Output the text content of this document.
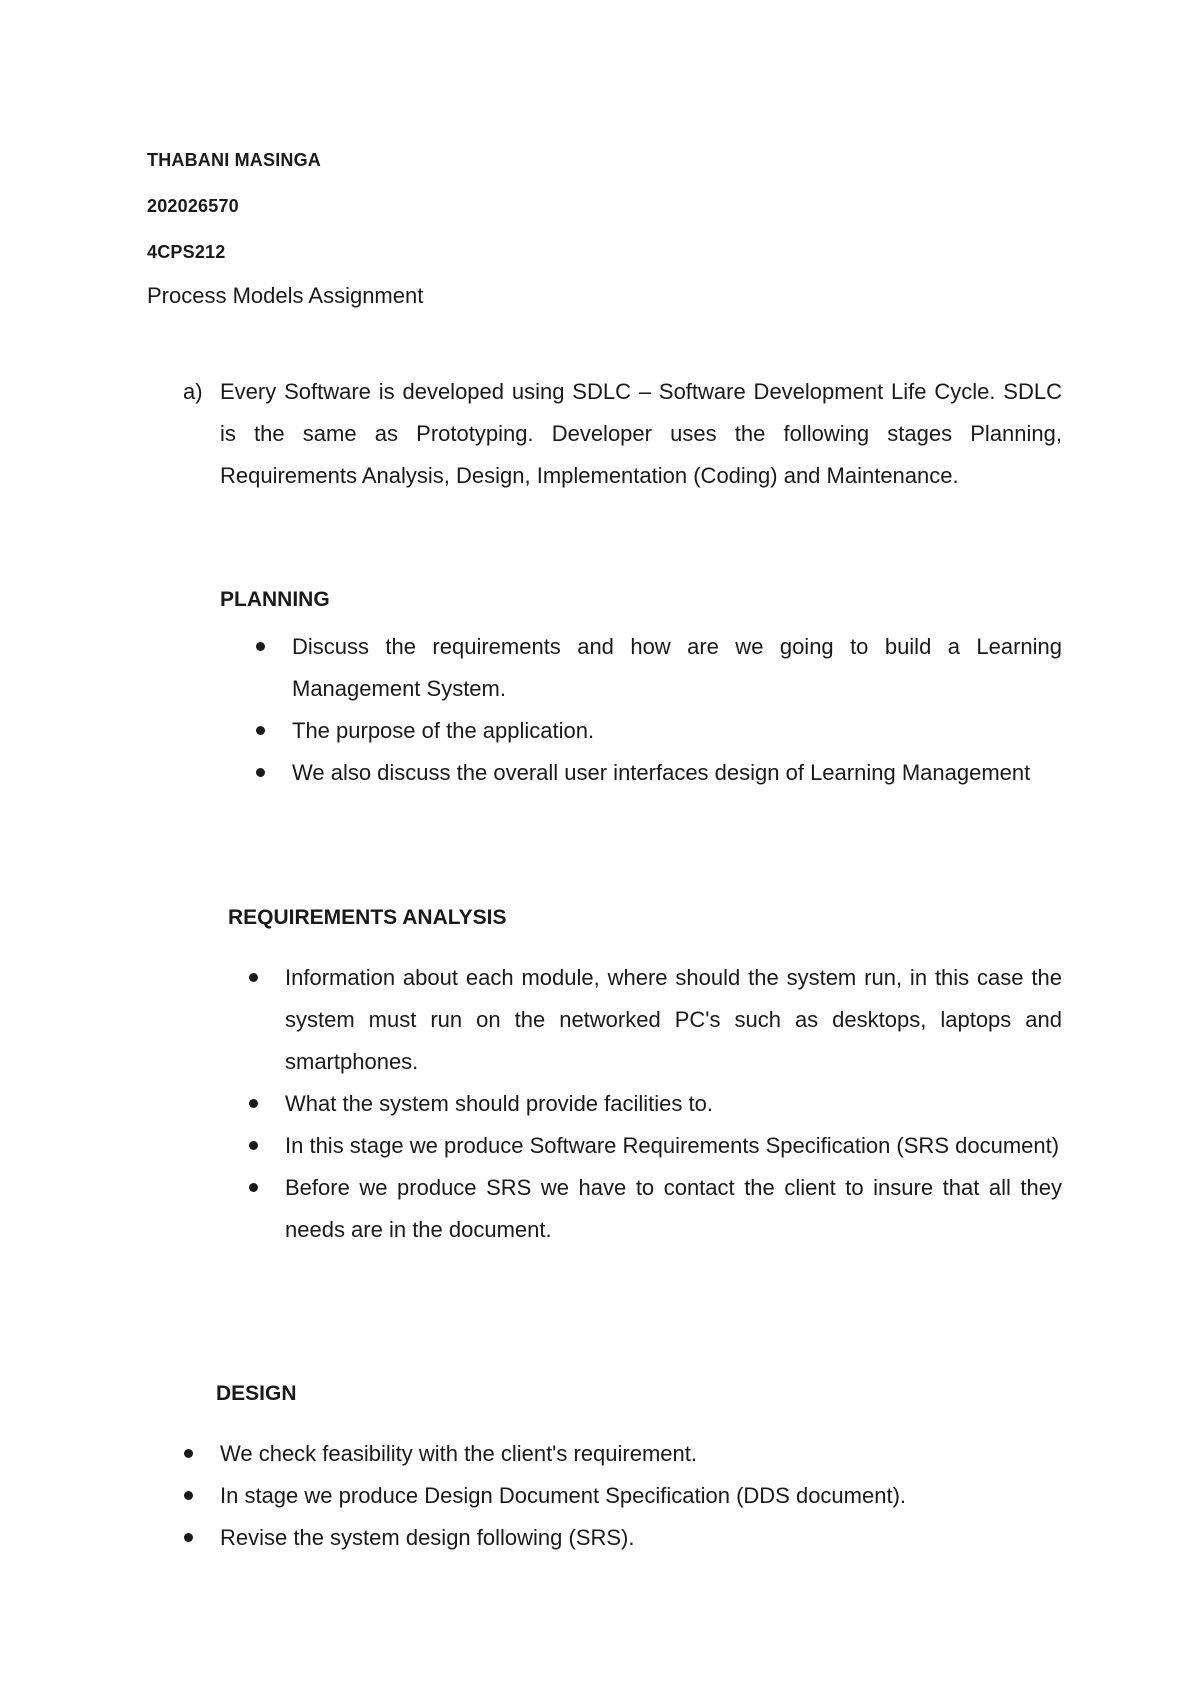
THABANI MASINGA
202026570
4CPS212
Process Models Assignment
a) Every Software is developed using SDLC – Software Development Life Cycle. SDLC is the same as Prototyping. Developer uses the following stages Planning, Requirements Analysis, Design, Implementation (Coding) and Maintenance.
PLANNING
Discuss the requirements and how are we going to build a Learning Management System.
The purpose of the application.
We also discuss the overall user interfaces design of Learning Management
REQUIREMENTS ANALYSIS
Information about each module, where should the system run, in this case the system must run on the networked PC's such as desktops, laptops and smartphones.
What the system should provide facilities to.
In this stage we produce Software Requirements Specification (SRS document)
Before we produce SRS we have to contact the client to insure that all they needs are in the document.
DESIGN
We check feasibility with the client's requirement.
In stage we produce Design Document Specification (DDS document).
Revise the system design following (SRS).
